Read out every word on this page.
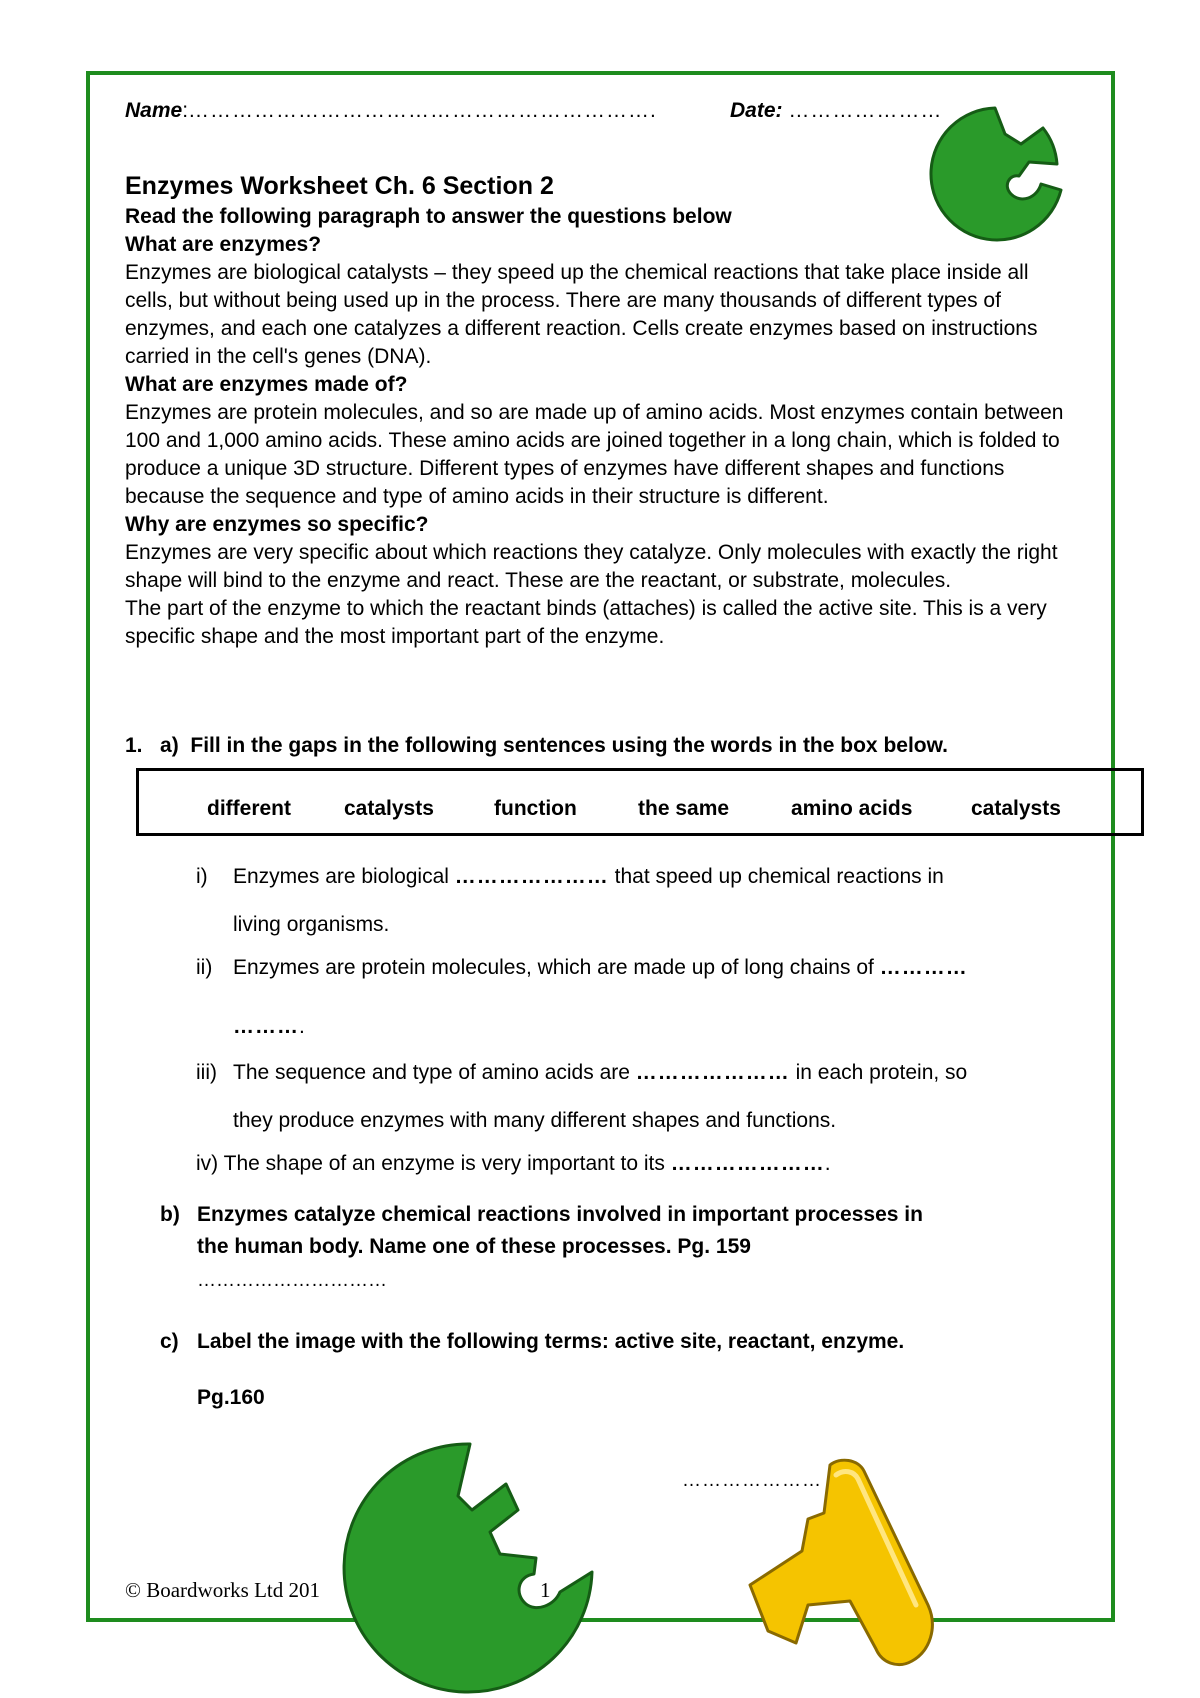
Name:……………………………………………………….	Date: …………………
Enzymes Worksheet Ch. 6 Section 2

Read the following paragraph to answer the questions below

What are enzymes?

Enzymes are biological catalysts – they speed up the chemical reactions that take place inside all cells, but without being used up in the process. There are many thousands of different types of enzymes, and each one catalyzes a different reaction. Cells create enzymes based on instructions carried in the cell's genes (DNA).

What are enzymes made of?

Enzymes are protein molecules, and so are made up of amino acids. Most enzymes contain between 100 and 1,000 amino acids. These amino acids are joined together in a long chain, which is folded to produce a unique 3D structure. Different types of enzymes have different shapes and functions because the sequence and type of amino acids in their structure is different.

Why are enzymes so specific?

Enzymes are very specific about which reactions they catalyze. Only molecules with exactly the right shape will bind to the enzyme and react. These are the reactant, or substrate, molecules.

The part of the enzyme to which the reactant binds (attaches) is called the active site. This is a very specific shape and the most important part of the enzyme.

1. a) Fill in the gaps in the following sentences using the words in the box below.
different	catalysts	function	the same	amino acids	catalysts
i) Enzymes are biological ………………… that speed up chemical reactions in
living organisms.
ii) Enzymes are protein molecules, which are made up of long chains of …………
……….
iii) The sequence and type of amino acids are ………………… in each protein, so
they produce enzymes with many different shapes and functions.
iv) The shape of an enzyme is very important to its ………………….
b) Enzymes catalyze chemical reactions involved in important processes in
the human body. Name one of these processes. Pg. 159
…………………………
c) Label the image with the following terms: active site, reactant, enzyme.
Pg.160
© Boardworks Ltd 201	1
…………………
